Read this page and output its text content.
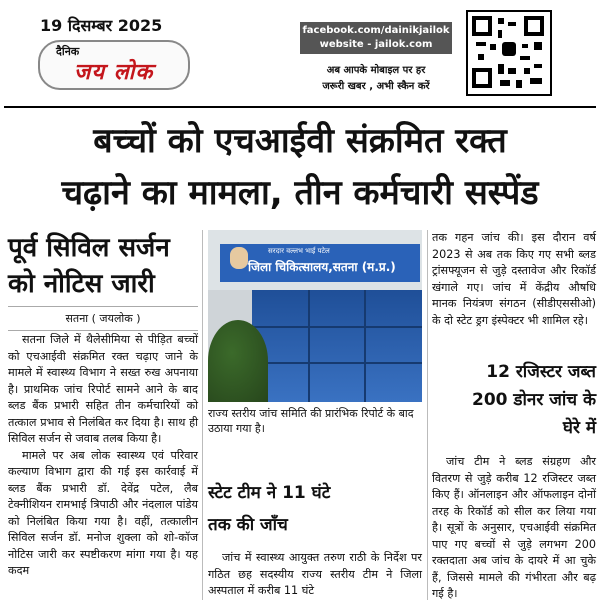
19 दिसम्बर 2025
दैनिक
जय लोक
facebook.com/dainikjailok
website - jailok.com
अब आपके मोबाइल पर हर
जरूरी खबर , अभी स्कैन करें
बच्चों को एचआईवी संक्रमित रक्त
चढ़ाने का मामला, तीन कर्मचारी सस्पेंड
पूर्व सिविल सर्जन
को नोटिस जारी
सतना ( जयलोक )

सतना जिले में थैलेसीमिया से पीड़ित बच्चों को एचआईवी संक्रमित रक्त चढ़ाए जाने के मामले में स्वास्थ्य विभाग ने सख्त रुख अपनाया है। प्राथमिक जांच रिपोर्ट सामने आने के बाद ब्लड बैंक प्रभारी सहित तीन कर्मचारियों को तत्काल प्रभाव से निलंबित कर दिया है। साथ ही सिविल सर्जन से जवाब तलब किया है।

मामले पर अब लोक स्वास्थ्य एवं परिवार कल्याण विभाग द्वारा की गई इस कार्रवाई में ब्लड बैंक प्रभारी डॉ. देवेंद्र पटेल, लैब टेक्नीशियन रामभाई त्रिपाठी और नंदलाल पांडेय को निलंबित किया गया है। वहीं, तत्कालीन सिविल सर्जन डॉ. मनोज शुक्ला को शो-कॉज नोटिस जारी कर स्पष्टीकरण मांगा गया है। यह कदम

सरदार वल्लभ भाई पटेल
जिला चिकित्सालय,सतना (म.प्र.)
राज्य स्तरीय जांच समिति की प्रारंभिक रिपोर्ट के बाद उठाया गया है।
स्टेट टीम ने 11 घंटे
तक की जाँच

जांच में स्वास्थ्य आयुक्त तरुण राठी के निर्देश पर गठित छह सदस्यीय राज्य स्तरीय टीम ने जिला अस्पताल में करीब 11 घंटे

तक गहन जांच की। इस दौरान वर्ष 2023 से अब तक किए गए सभी ब्लड ट्रांसफ्यूजन से जुड़े दस्तावेज और रिकॉर्ड खंगाले गए। जांच में केंद्रीय औषधि मानक नियंत्रण संगठन (सीडीएससीओ) के दो स्टेट ड्रग इंस्पेक्टर भी शामिल रहे।

12 रजिस्टर जब्त
200 डोनर जांच के
घेरे में

जांच टीम ने ब्लड संग्रहण और वितरण से जुड़े करीब 12 रजिस्टर जब्त किए हैं। ऑनलाइन और ऑफलाइन दोनों तरह के रिकॉर्ड को सील कर लिया गया है। सूत्रों के अनुसार, एचआईवी संक्रमित पाए गए बच्चों से जुड़े लगभग 200 रक्तदाता अब जांच के दायरे में आ चुके हैं, जिससे मामले की गंभीरता और बढ़ गई है।
